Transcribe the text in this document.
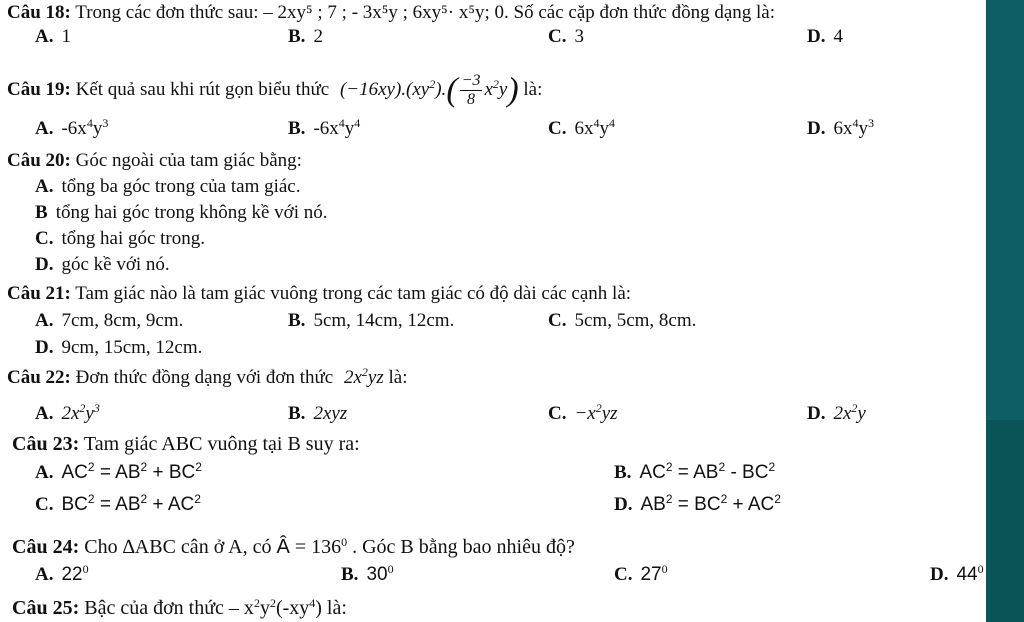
Câu 18: Trong các đơn thức sau: – 2xy⁵ ; 7 ; - 3x⁵y ; 6xy⁵· x⁵y; 0. Số các cặp đơn thức đồng dạng là:
A. 1	B. 2	C. 3	D. 4
Câu 19: Kết quả sau khi rút gọn biểu thức $(-16xy).(xy^2).( \frac{-3}{8} x^2y)$ là:
A. $-6x^4y^3$	B. $-6x^4y^4$	C. $6x^4y^4$	D. $6x^4y^3$
Câu 20: Góc ngoài của tam giác bằng:
A. tổng ba góc trong của tam giác.
B tổng hai góc trong không kề với nó.
C. tổng hai góc trong.
D. góc kề với nó.
Câu 21: Tam giác nào là tam giác vuông trong các tam giác có độ dài các cạnh là:
A. 7cm, 8cm, 9cm.	B. 5cm, 14cm, 12cm.	C. 5cm, 5cm, 8cm.
D. 9cm, 15cm, 12cm.
Câu 22: Đơn thức đồng dạng với đơn thức $2x^2yz$ là:
A. $2x^2y^3$	B. 2xyz	C. $-x^2yz$	D. $2x^2y$
Câu 23: Tam giác ABC vuông tại B suy ra:
A. $AC^2 = AB^2 + BC^2$	B. $AC^2 = AB^2 - BC^2$
C. $BC^2 = AB^2 + AC^2$	D. $AB^2 = BC^2 + AC^2$
Câu 24: Cho ∆ABC cân ở A, có Â = $136^0$ . Góc B bằng bao nhiêu độ?
A. $22^0$	B. $30^0$	C. $27^0$	D. $44^0$
Câu 25: Bậc của đơn thức – $x^2y^2(-xy^4)$ là:
